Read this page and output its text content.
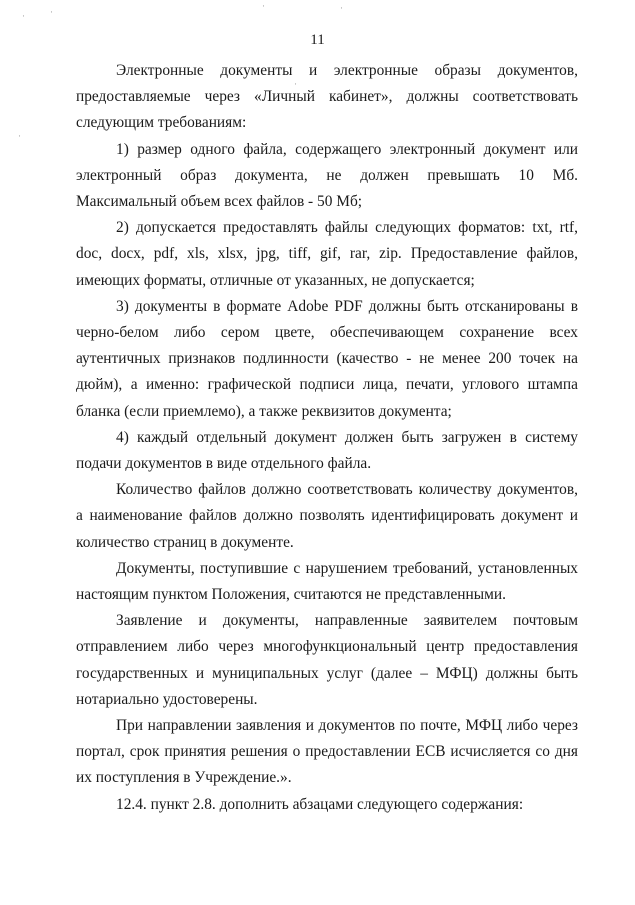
·	·
·	·
·
·
11

Электронные документы и электронные образы документов, предоставляемые через «Личный кабинет», должны соответствовать следующим требованиям:

1) размер одного файла, содержащего электронный документ или электронный образ документа, не должен превышать 10 Мб. Максимальный объем всех файлов - 50 Мб;

2) допускается предоставлять файлы следующих форматов: txt, rtf, doc, docx, pdf, xls, xlsx, jpg, tiff, gif, rar, zip. Предоставление файлов, имеющих форматы, отличные от указанных, не допускается;

3) документы в формате Adobe PDF должны быть отсканированы в черно-белом либо сером цвете, обеспечивающем сохранение всех аутентичных признаков подлинности (качество - не менее 200 точек на дюйм), а именно: графической подписи лица, печати, углового штампа бланка (если приемлемо), а также реквизитов документа;

4) каждый отдельный документ должен быть загружен в систему подачи документов в виде отдельного файла.

Количество файлов должно соответствовать количеству документов, а наименование файлов должно позволять идентифицировать документ и количество страниц в документе.

Документы, поступившие с нарушением требований, установленных настоящим пунктом Положения, считаются не представленными.

Заявление и документы, направленные заявителем почтовым отправлением либо через многофункциональный центр предоставления государственных и муниципальных услуг (далее – МФЦ) должны быть нотариально удостоверены.

При направлении заявления и документов по почте, МФЦ либо через портал, срок принятия решения о предоставлении ЕСВ исчисляется со дня их поступления в Учреждение.».

12.4. пункт 2.8. дополнить абзацами следующего содержания:
